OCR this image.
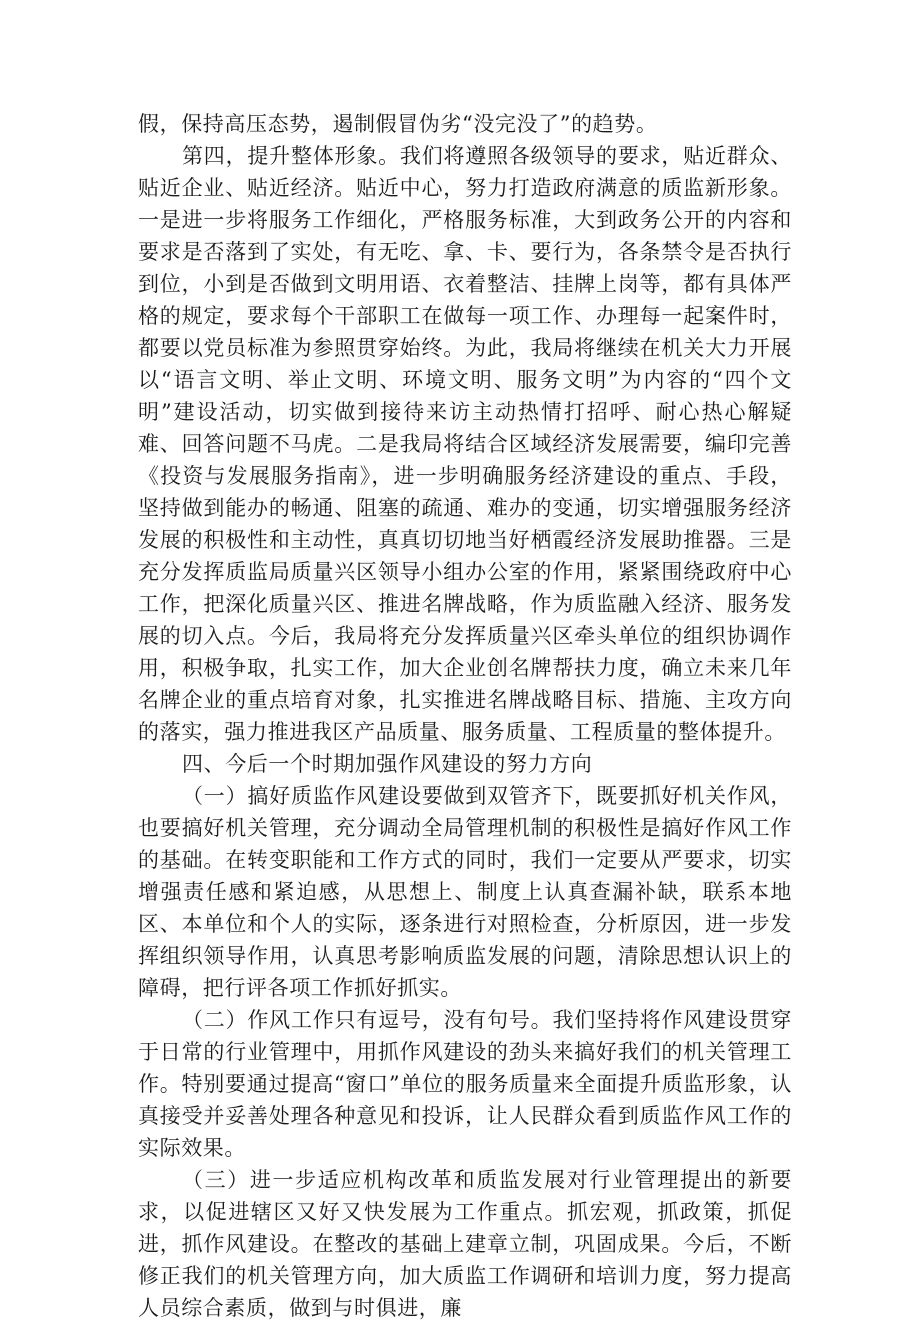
假，保持高压态势，遏制假冒伪劣“没完没了”的趋势。

第四，提升整体形象。我们将遵照各级领导的要求，贴近群众、贴近企业、贴近经济。贴近中心，努力打造政府满意的质监新形象。一是进一步将服务工作细化，严格服务标准，大到政务公开的内容和要求是否落到了实处，有无吃、拿、卡、要行为，各条禁令是否执行到位，小到是否做到文明用语、衣着整洁、挂牌上岗等，都有具体严格的规定，要求每个干部职工在做每一项工作、办理每一起案件时，都要以党员标准为参照贯穿始终。为此，我局将继续在机关大力开展以“语言文明、举止文明、环境文明、服务文明”为内容的“四个文明”建设活动，切实做到接待来访主动热情打招呼、耐心热心解疑难、回答问题不马虎。二是我局将结合区域经济发展需要，编印完善《投资与发展服务指南》，进一步明确服务经济建设的重点、手段，坚持做到能办的畅通、阻塞的疏通、难办的变通，切实增强服务经济发展的积极性和主动性，真真切切地当好栖霞经济发展助推器。三是充分发挥质监局质量兴区领导小组办公室的作用，紧紧围绕政府中心工作，把深化质量兴区、推进名牌战略，作为质监融入经济、服务发展的切入点。今后，我局将充分发挥质量兴区牵头单位的组织协调作用，积极争取，扎实工作，加大企业创名牌帮扶力度，确立未来几年名牌企业的重点培育对象，扎实推进名牌战略目标、措施、主攻方向的落实，强力推进我区产品质量、服务质量、工程质量的整体提升。

四、今后一个时期加强作风建设的努力方向

（一）搞好质监作风建设要做到双管齐下，既要抓好机关作风，也要搞好机关管理，充分调动全局管理机制的积极性是搞好作风工作的基础。在转变职能和工作方式的同时，我们一定要从严要求，切实增强责任感和紧迫感，从思想上、制度上认真查漏补缺，联系本地区、本单位和个人的实际，逐条进行对照检查，分析原因，进一步发挥组织领导作用，认真思考影响质监发展的问题，清除思想认识上的障碍，把行评各项工作抓好抓实。

（二）作风工作只有逗号，没有句号。我们坚持将作风建设贯穿于日常的行业管理中，用抓作风建设的劲头来搞好我们的机关管理工作。特别要通过提高“窗口”单位的服务质量来全面提升质监形象，认真接受并妥善处理各种意见和投诉，让人民群众看到质监作风工作的实际效果。

（三）进一步适应机构改革和质监发展对行业管理提出的新要求，以促进辖区又好又快发展为工作重点。抓宏观，抓政策，抓促进，抓作风建设。在整改的基础上建章立制，巩固成果。今后，不断修正我们的机关管理方向，加大质监工作调研和培训力度，努力提高人员综合素质，做到与时俱进，廉
